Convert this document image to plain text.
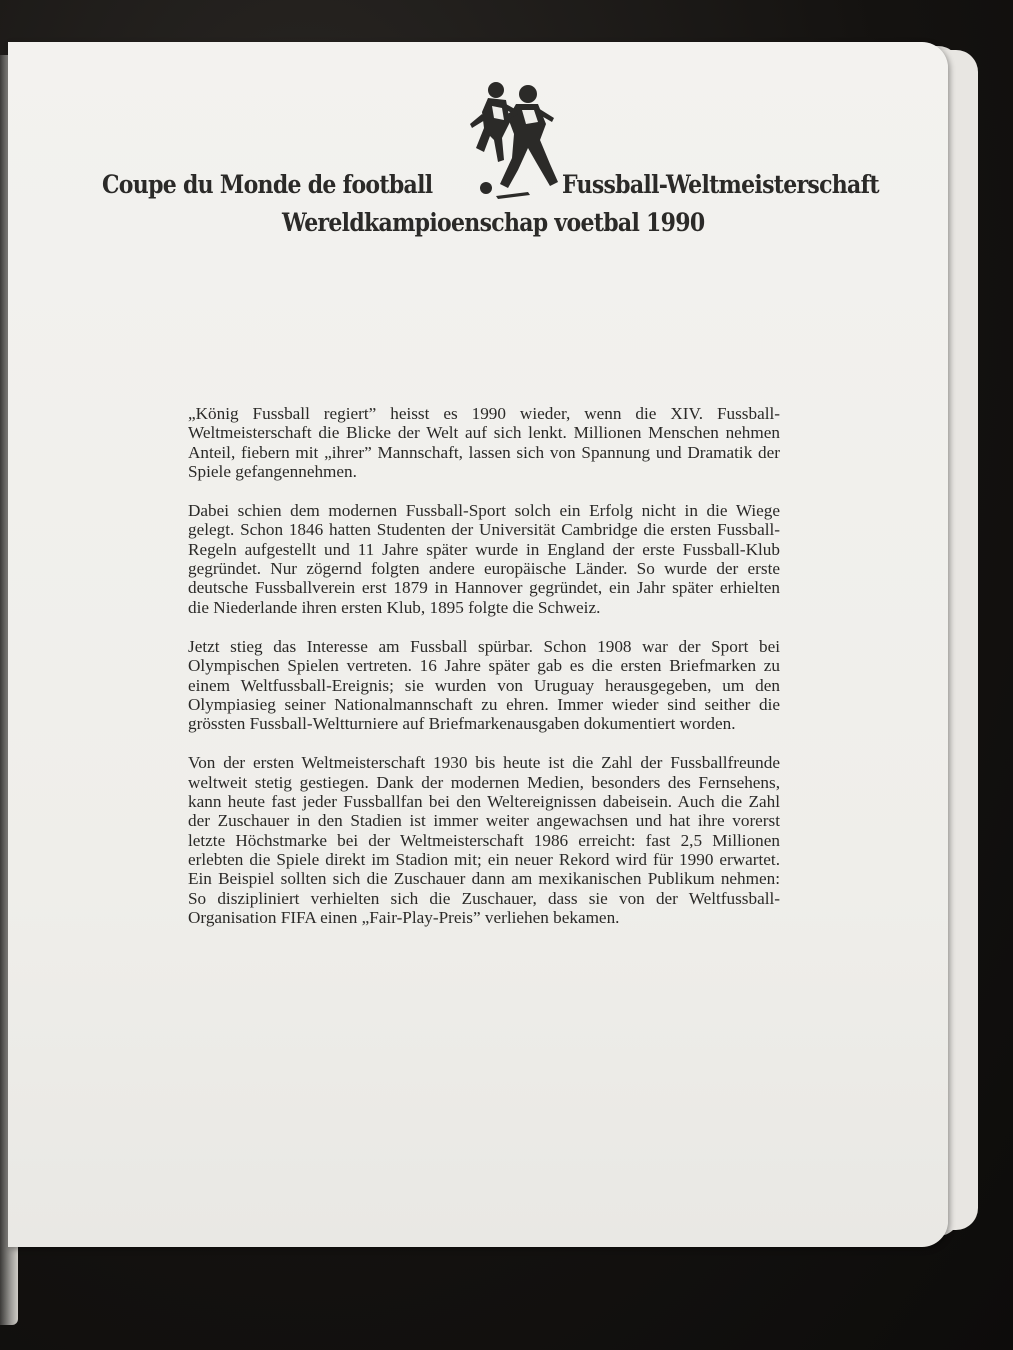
Coupe du Monde de football	Fussball-Weltmeisterschaft
Wereldkampioenschap voetbal 1990

„König Fussball regiert” heisst es 1990 wieder, wenn die XIV. Fussball-Weltmeisterschaft die Blicke der Welt auf sich lenkt. Millionen Menschen nehmen Anteil, fiebern mit „ihrer” Mannschaft, lassen sich von Spannung und Dramatik der Spiele gefangennehmen.

Dabei schien dem modernen Fussball-Sport solch ein Erfolg nicht in die Wiege gelegt. Schon 1846 hatten Studenten der Universität Cambridge die ersten Fussball-Regeln aufgestellt und 11 Jahre später wurde in England der erste Fussball-Klub gegründet. Nur zögernd folgten andere europäische Länder. So wurde der erste deutsche Fussballverein erst 1879 in Hannover gegründet, ein Jahr später erhielten die Niederlande ihren ersten Klub, 1895 folgte die Schweiz.

Jetzt stieg das Interesse am Fussball spürbar. Schon 1908 war der Sport bei Olympischen Spielen vertreten. 16 Jahre später gab es die ersten Briefmarken zu einem Weltfussball-Ereignis; sie wurden von Uruguay herausgegeben, um den Olympiasieg seiner Nationalmannschaft zu ehren. Immer wieder sind seither die grössten Fussball-Weltturniere auf Briefmarkenausgaben dokumentiert worden.

Von der ersten Weltmeisterschaft 1930 bis heute ist die Zahl der Fussballfreunde weltweit stetig gestiegen. Dank der modernen Medien, besonders des Fernsehens, kann heute fast jeder Fussballfan bei den Weltereignissen dabeisein. Auch die Zahl der Zuschauer in den Stadien ist immer weiter angewachsen und hat ihre vorerst letzte Höchstmarke bei der Weltmeisterschaft 1986 erreicht: fast 2,5 Millionen erlebten die Spiele direkt im Stadion mit; ein neuer Rekord wird für 1990 erwartet. Ein Beispiel sollten sich die Zuschauer dann am mexikanischen Publikum nehmen: So diszipliniert verhielten sich die Zuschauer, dass sie von der Weltfussball-Organisation FIFA einen „Fair-Play-Preis” verliehen bekamen.
